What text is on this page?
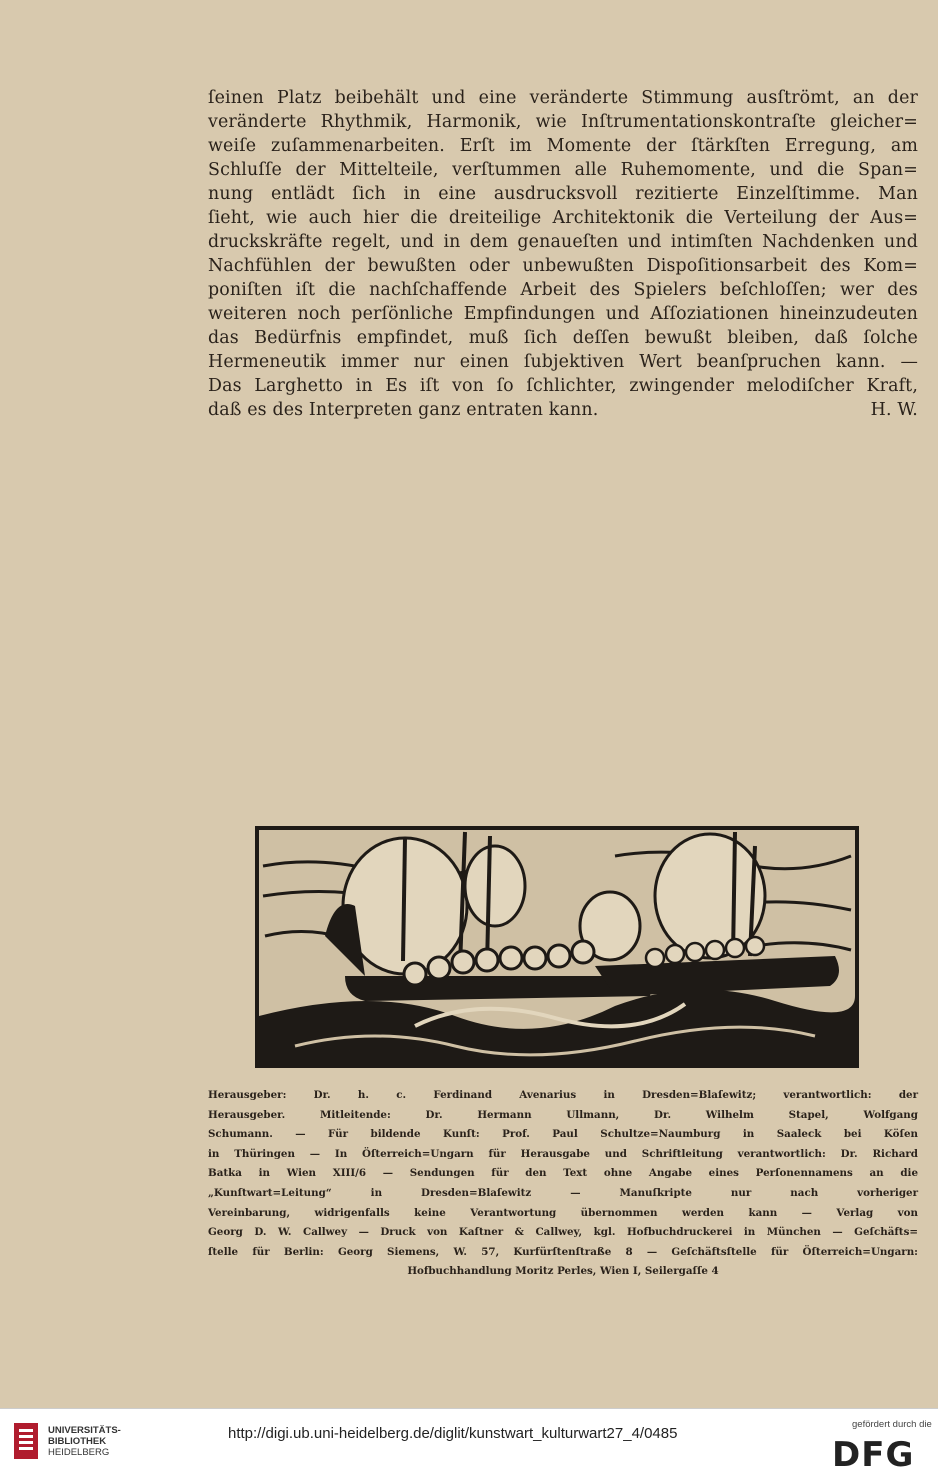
ſeinen Platz beibehält und eine veränderte Stimmung ausſtrömt, an der
veränderte Rhythmik, Harmonik, wie Inſtrumentationskontraſte gleicher=
weiſe zuſammenarbeiten. Erſt im Momente der ſtärkſten Erregung, am
Schluſſe der Mittelteile, verſtummen alle Ruhemomente, und die Span=
nung entlädt ſich in eine ausdrucksvoll rezitierte Einzelſtimme. Man
ſieht, wie auch hier die dreiteilige Architektonik die Verteilung der Aus=
druckskräfte regelt, und in dem genaueſten und intimſten Nachdenken und
Nachfühlen der bewußten oder unbewußten Dispoſitionsarbeit des Kom=
poniſten iſt die nachſchaffende Arbeit des Spielers beſchloſſen; wer des
weiteren noch perſönliche Empfindungen und Aſſoziationen hineinzudeuten
das Bedürfnis empfindet, muß ſich deſſen bewußt bleiben, daß ſolche
Hermeneutik immer nur einen ſubjektiven Wert beanſpruchen kann. —
Das Larghetto in Es iſt von ſo ſchlichter, zwingender melodiſcher Kraft,
daß es des Interpreten ganz entraten kann.	H. W.
Herausgeber: Dr. h. c. Ferdinand Avenarius in Dresden=Blaſewitz; verantwortlich: der
Herausgeber. Mitleitende: Dr. Hermann Ullmann, Dr. Wilhelm Stapel, Wolfgang
Schumann. — Für bildende Kunſt: Prof. Paul Schultze=Naumburg in Saaleck bei Köſen
in Thüringen — In Öſterreich=Ungarn für Herausgabe und Schriftleitung verantwortlich: Dr. Richard
Batka in Wien XIII/6 — Sendungen für den Text ohne Angabe eines Perſonennamens an die
„Kunſtwart=Leitung“ in Dresden=Blaſewitz — Manuſkripte nur nach vorheriger
Vereinbarung, widrigenfalls keine Verantwortung übernommen werden kann — Verlag von
Georg D. W. Callwey — Druck von Kaſtner & Callwey, kgl. Hofbuchdruckerei in München — Geſchäfts=
ſtelle für Berlin: Georg Siemens, W. 57, Kurfürſtenſtraße 8 — Geſchäftsſtelle für Öſterreich=Ungarn:
Hofbuchhandlung Moritz Perles, Wien I, Seilergaſſe 4
UNIVERSITÄTS-
BIBLIOTHEK
HEIDELBERG
http://digi.ub.uni-heidelberg.de/diglit/kunstwart_kulturwart27_4/0485
gefördert durch die
DFG
